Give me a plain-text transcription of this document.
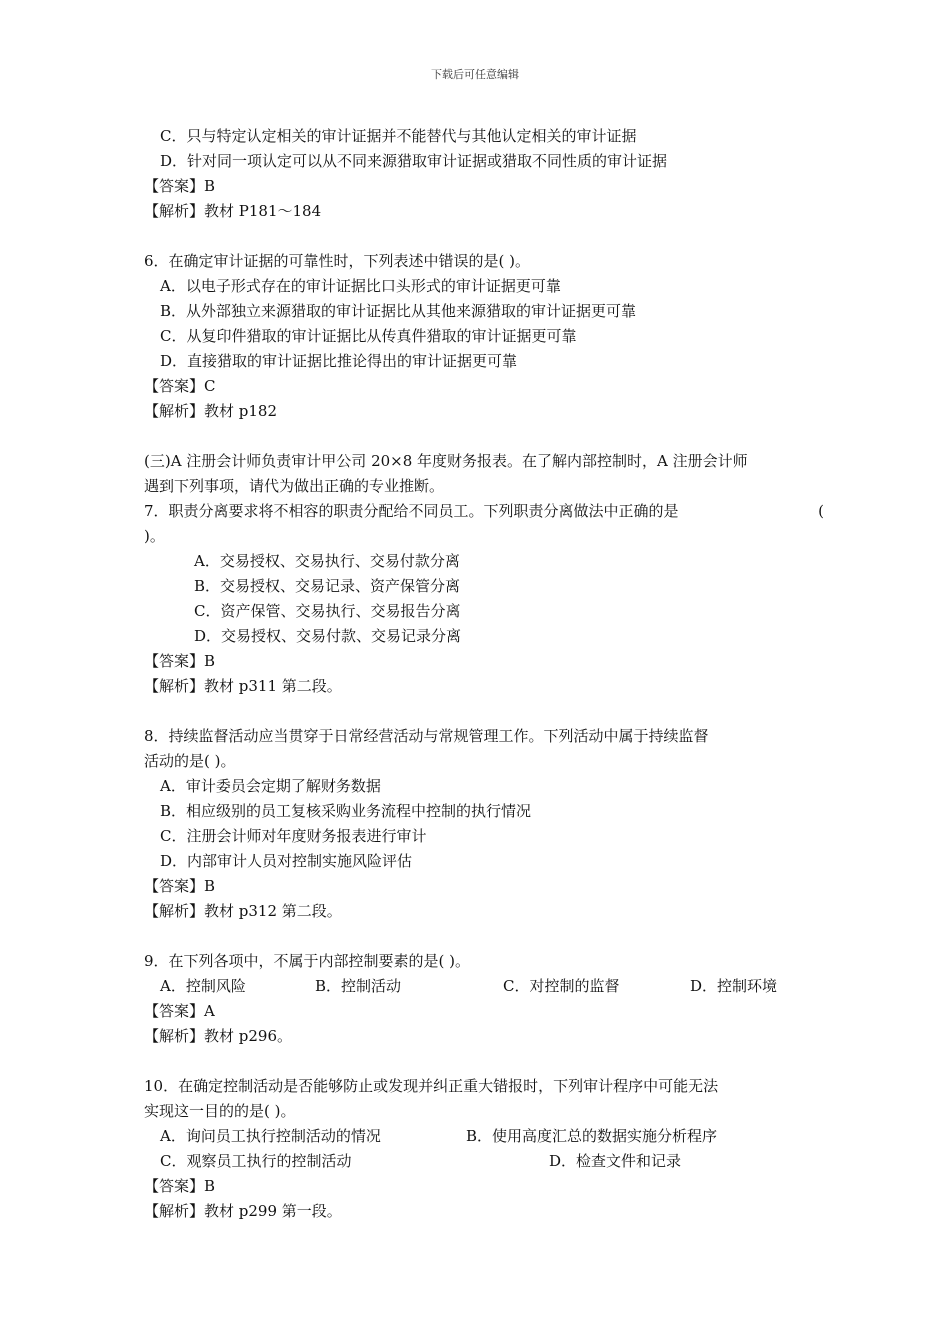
下载后可任意编辑
C．只与特定认定相关的审计证据并不能替代与其他认定相关的审计证据
D．针对同一项认定可以从不同来源猎取审计证据或猎取不同性质的审计证据
【答案】B
【解析】教材 P181～184
6．在确定审计证据的可靠性时，下列表述中错误的是( )。
A．以电子形式存在的审计证据比口头形式的审计证据更可靠
B．从外部独立来源猎取的审计证据比从其他来源猎取的审计证据更可靠
C．从复印件猎取的审计证据比从传真件猎取的审计证据更可靠
D．直接猎取的审计证据比推论得出的审计证据更可靠
【答案】C
【解析】教材 p182
(三)A 注册会计师负责审计甲公司 20×8 年度财务报表。在了解内部控制时，A 注册会计师
遇到下列事项，请代为做出正确的专业推断。
7．职责分离要求将不相容的职责分配给不同员工。下列职责分离做法中正确的是	(
)。
A．交易授权、交易执行、交易付款分离
B．交易授权、交易记录、资产保管分离
C．资产保管、交易执行、交易报告分离
D．交易授权、交易付款、交易记录分离
【答案】B
【解析】教材 p311 第二段。
8．持续监督活动应当贯穿于日常经营活动与常规管理工作。下列活动中属于持续监督
活动的是( )。
A．审计委员会定期了解财务数据
B．相应级别的员工复核采购业务流程中控制的执行情况
C．注册会计师对年度财务报表进行审计
D．内部审计人员对控制实施风险评估
【答案】B
【解析】教材 p312 第二段。
9．在下列各项中，不属于内部控制要素的是( )。
A．控制风险	B．控制活动	C．对控制的监督	D．控制环境
【答案】A
【解析】教材 p296。
10．在确定控制活动是否能够防止或发现并纠正重大错报时，下列审计程序中可能无法
实现这一目的的是( )。
A．询问员工执行控制活动的情况	B．使用高度汇总的数据实施分析程序
C．观察员工执行的控制活动	D．检查文件和记录
【答案】B
【解析】教材 p299 第一段。
